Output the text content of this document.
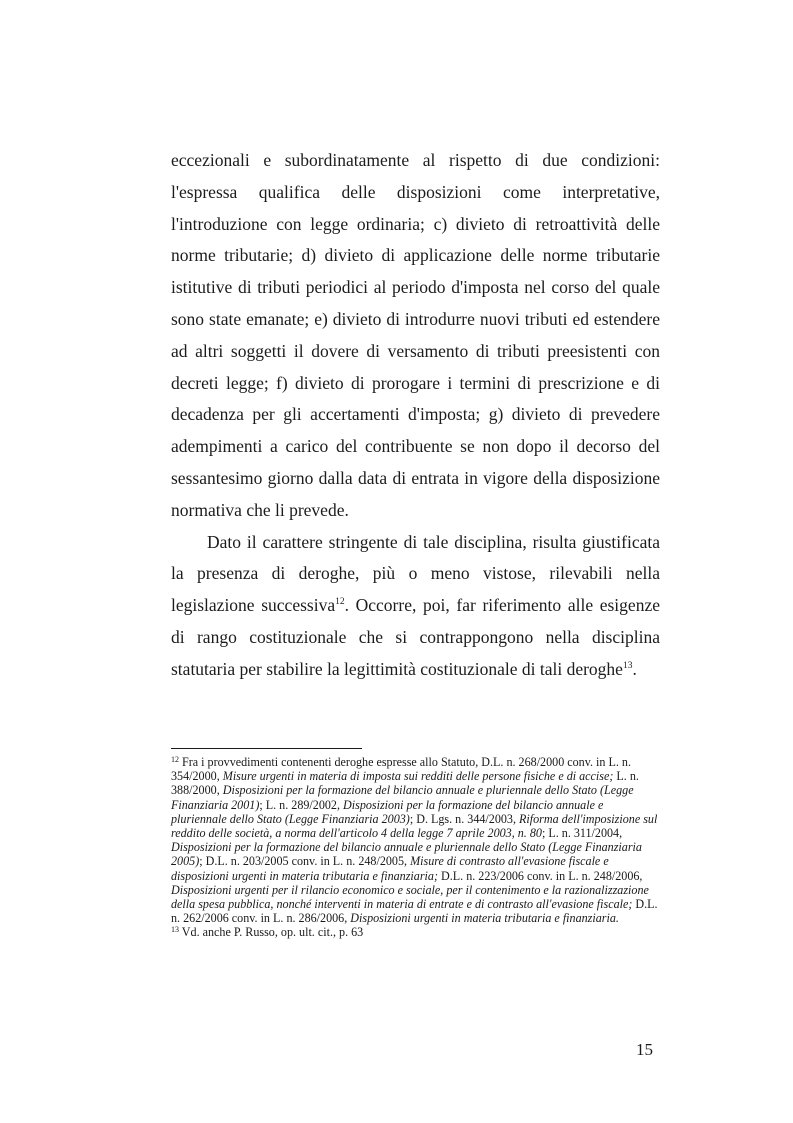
eccezionali e subordinatamente al rispetto di due condizioni: l'espressa qualifica delle disposizioni come interpretative, l'introduzione con legge ordinaria; c) divieto di retroattività delle norme tributarie; d) divieto di applicazione delle norme tributarie istitutive di tributi periodici al periodo d'imposta nel corso del quale sono state emanate; e) divieto di introdurre nuovi tributi ed estendere ad altri soggetti il dovere di versamento di tributi preesistenti con decreti legge; f) divieto di prorogare i termini di prescrizione e di decadenza per gli accertamenti d'imposta; g) divieto di prevedere adempimenti a carico del contribuente se non dopo il decorso del sessantesimo giorno dalla data di entrata in vigore della disposizione normativa che li prevede.

Dato il carattere stringente di tale disciplina, risulta giustificata la presenza di deroghe, più o meno vistose, rilevabili nella legislazione successiva$^{12}$. Occorre, poi, far riferimento alle esigenze di rango costituzionale che si contrappongono nella disciplina statutaria per stabilire la legittimità costituzionale di tali deroghe$^{13}$.

$^{12}$ Fra i provvedimenti contenenti deroghe espresse allo Statuto, D.L. n. 268/2000 conv. in L. n. 354/2000, Misure urgenti in materia di imposta sui redditi delle persone fisiche e di accise; L. n. 388/2000, Disposizioni per la formazione del bilancio annuale e pluriennale dello Stato (Legge Finanziaria 2001); L. n. 289/2002, Disposizioni per la formazione del bilancio annuale e pluriennale dello Stato (Legge Finanziaria 2003); D. Lgs. n. 344/2003, Riforma dell'imposizione sul reddito delle società, a norma dell'articolo 4 della legge 7 aprile 2003, n. 80; L. n. 311/2004, Disposizioni per la formazione del bilancio annuale e pluriennale dello Stato (Legge Finanziaria 2005); D.L. n. 203/2005 conv. in L. n. 248/2005, Misure di contrasto all'evasione fiscale e disposizioni urgenti in materia tributaria e finanziaria; D.L. n. 223/2006 conv. in L. n. 248/2006, Disposizioni urgenti per il rilancio economico e sociale, per il contenimento e la razionalizzazione della spesa pubblica, nonché interventi in materia di entrate e di contrasto all'evasione fiscale; D.L. n. 262/2006 conv. in L. n. 286/2006, Disposizioni urgenti in materia tributaria e finanziaria.

$^{13}$ Vd. anche P. Russo, op. ult. cit., p. 63

15
